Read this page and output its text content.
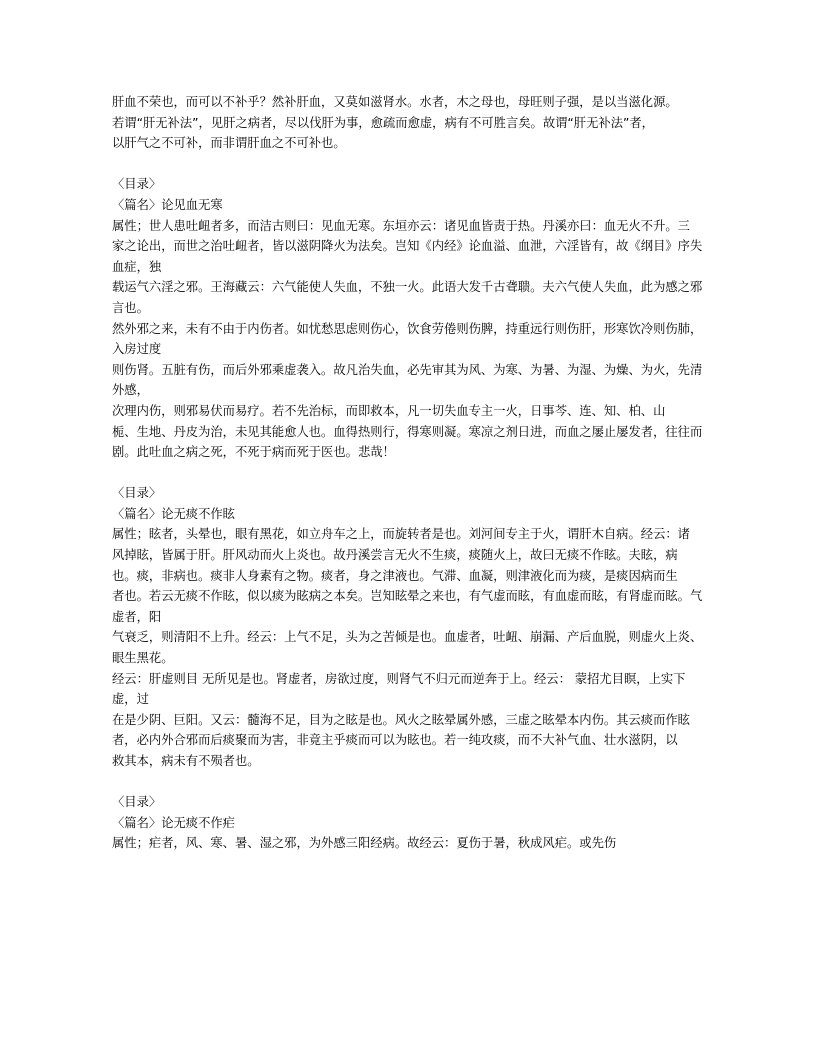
肝血不荣也，而可以不补乎？然补肝血，又莫如滋肾水。水者，木之母也，母旺则子强，是以当滋化源。

若谓“肝无补法”，见肝之病者，尽以伐肝为事，愈疏而愈虚，病有不可胜言矣。故谓“肝无补法”者，

以肝气之不可补，而非谓肝血之不可补也。

〈目录〉

〈篇名〉论见血无寒

属性；世人患吐衄者多，而洁古则曰：见血无寒。东垣亦云：诸见血皆责于热。丹溪亦曰：血无火不升。三

家之论出，而世之治吐衄者，皆以滋阴降火为法矣。岂知《内经》论血溢、血泄，六淫皆有，故《纲目》序失血症，独

载运气六淫之邪。王海藏云：六气能使人失血，不独一火。此语大发千古聋聩。夫六气使人失血，此为感之邪言也。

然外邪之来，未有不由于内伤者。如忧愁思虑则伤心，饮食劳倦则伤脾，持重远行则伤肝，形寒饮冷则伤肺，入房过度

则伤肾。五脏有伤，而后外邪乘虚袭入。故凡治失血，必先审其为风、为寒、为暑、为湿、为燥、为火，先清外感，

次理内伤，则邪易伏而易疗。若不先治标，而即救本，凡一切失血专主一火，日事芩、连、知、柏、山

栀、生地、丹皮为治，未见其能愈人也。血得热则行，得寒则凝。寒凉之剂日进，而血之屡止屡发者，往往而

剧。此吐血之病之死，不死于病而死于医也。悲哉！

〈目录〉

〈篇名〉论无痰不作眩

属性；眩者，头晕也，眼有黑花，如立舟车之上，而旋转者是也。刘河间专主于火，谓肝木自病。经云：诸

风掉眩，皆属于肝。肝风动而火上炎也。故丹溪尝言无火不生痰，痰随火上，故曰无痰不作眩。夫眩，病

也。痰，非病也。痰非人身素有之物。痰者，身之津液也。气滞、血凝，则津液化而为痰，是痰因病而生

者也。若云无痰不作眩，似以痰为眩病之本矣。岂知眩晕之来也，有气虚而眩，有血虚而眩，有肾虚而眩。气虚者，阳

气衰乏，则清阳不上升。经云：上气不足，头为之苦倾是也。血虚者，吐衄、崩漏、产后血脱，则虚火上炎、眼生黑花。

经云：肝虚则目 无所见是也。肾虚者，房欲过度，则肾气不归元而逆奔于上。经云： 蒙招尤目瞑，上实下虚，过

在是少阴、巨阳。又云：髓海不足，目为之眩是也。风火之眩晕属外感，三虚之眩晕本内伤。其云痰而作眩

者，必内外合邪而后痰聚而为害，非竟主乎痰而可以为眩也。若一纯攻痰，而不大补气血、壮水滋阴，以

救其本，病未有不殒者也。

〈目录〉

〈篇名〉论无痰不作疟

属性；疟者，风、寒、暑、湿之邪，为外感三阳经病。故经云：夏伤于暑，秋成风疟。或先伤
